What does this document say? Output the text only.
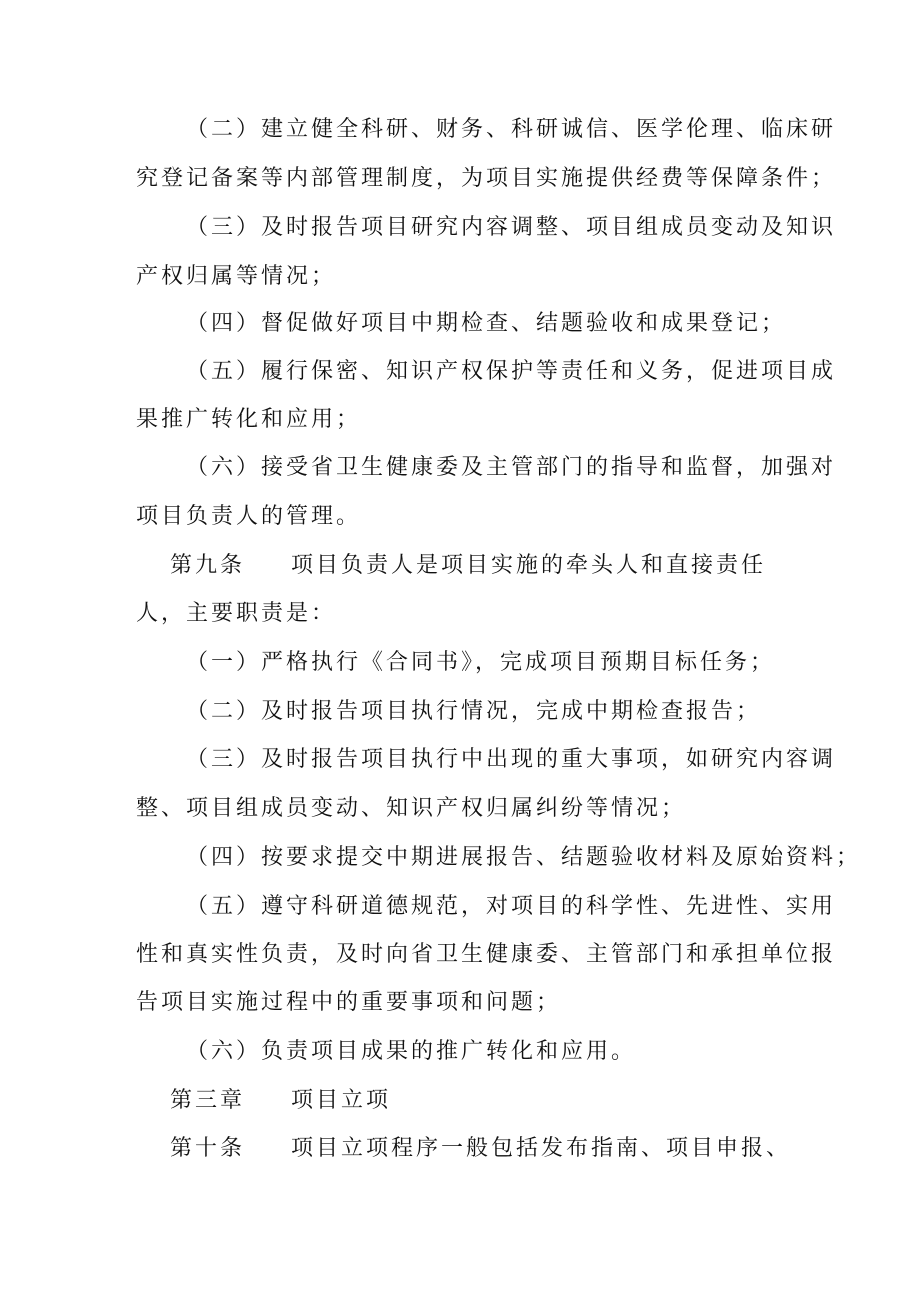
（二）建立健全科研、财务、科研诚信、医学伦理、临床研
究登记备案等内部管理制度，为项目实施提供经费等保障条件；
（三）及时报告项目研究内容调整、项目组成员变动及知识
产权归属等情况；
（四）督促做好项目中期检查、结题验收和成果登记；
（五）履行保密、知识产权保护等责任和义务，促进项目成
果推广转化和应用；
（六）接受省卫生健康委及主管部门的指导和监督，加强对
项目负责人的管理。
第九条 项目负责人是项目实施的牵头人和直接责任
人，主要职责是：
（一）严格执行《合同书》，完成项目预期目标任务；
（二）及时报告项目执行情况，完成中期检查报告；
（三）及时报告项目执行中出现的重大事项，如研究内容调
整、项目组成员变动、知识产权归属纠纷等情况；
（四）按要求提交中期进展报告、结题验收材料及原始资料；
（五）遵守科研道德规范，对项目的科学性、先进性、实用
性和真实性负责，及时向省卫生健康委、主管部门和承担单位报
告项目实施过程中的重要事项和问题；
（六）负责项目成果的推广转化和应用。
第三章 项目立项
第十条 项目立项程序一般包括发布指南、项目申报、
